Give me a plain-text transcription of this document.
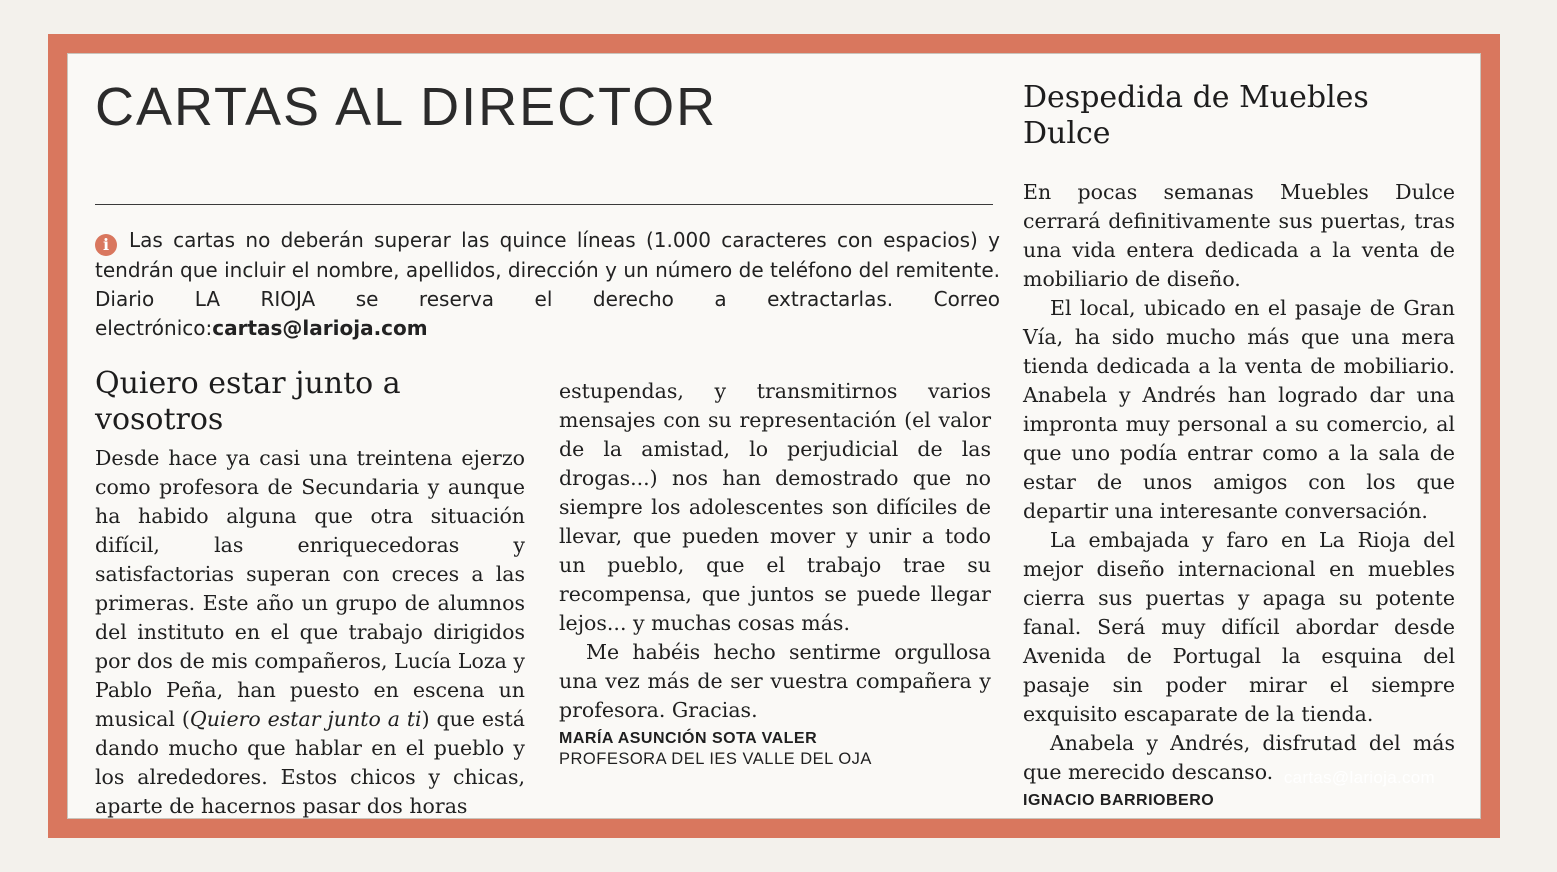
CARTAS AL DIRECTOR
i Las cartas no deberán superar las quince líneas (1.000 caracteres con espacios) y tendrán que incluir el nombre, apellidos, dirección y un número de teléfono del remitente. Diario LA RIOJA se reserva el derecho a extractarlas. Correo electrónico:cartas@larioja.com
Quiero estar junto a vosotros

Desde hace ya casi una treintena ejerzo como profesora de Secundaria y aunque ha habido alguna que otra situación difícil, las enriquecedoras y satisfactorias superan con creces a las primeras. Este año un grupo de alumnos del instituto en el que trabajo dirigidos por dos de mis compañeros, Lucía Loza y Pablo Peña, han puesto en escena un musical (Quiero estar junto a ti) que está dando mucho que hablar en el pueblo y los alrededores. Estos chicos y chicas, aparte de hacernos pasar dos horas

estupendas, y transmitirnos varios mensajes con su representación (el valor de la amistad, lo perjudicial de las drogas...) nos han demostrado que no siempre los adolescentes son difíciles de llevar, que pueden mover y unir a todo un pueblo, que el trabajo trae su recompensa, que juntos se puede llegar lejos... y muchas cosas más.

Me habéis hecho sentirme orgullosa una vez más de ser vuestra compañera y profesora. Gracias.

MARÍA ASUNCIÓN SOTA VALER
PROFESORA DEL IES VALLE DEL OJA
Despedida de Muebles Dulce

En pocas semanas Muebles Dulce cerrará definitivamente sus puertas, tras una vida entera dedicada a la venta de mobiliario de diseño.

El local, ubicado en el pasaje de Gran Vía, ha sido mucho más que una mera tienda dedicada a la venta de mobiliario. Anabela y Andrés han logrado dar una impronta muy personal a su comercio, al que uno podía entrar como a la sala de estar de unos amigos con los que departir una interesante conversación.

La embajada y faro en La Rioja del mejor diseño internacional en muebles cierra sus puertas y apaga su potente fanal. Será muy difícil abordar desde Avenida de Portugal la esquina del pasaje sin poder mirar el siempre exquisito escaparate de la tienda.

Anabela y Andrés, disfrutad del más que merecido descanso.

IGNACIO BARRIOBERO
cartas@larioja.com
